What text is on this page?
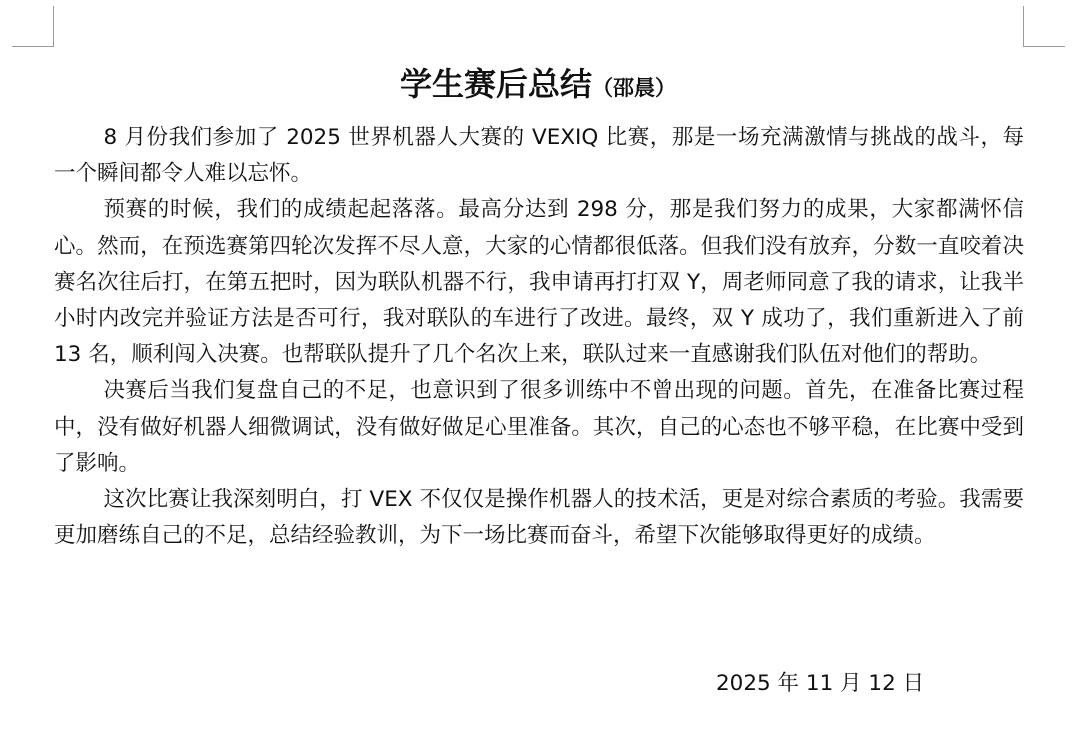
学生赛后总结（邵晨）

8 月份我们参加了 2025 世界机器人大赛的 VEXIQ 比赛，那是一场充满激情与挑战的战斗，每一个瞬间都令人难以忘怀。

预赛的时候，我们的成绩起起落落。最高分达到 298 分，那是我们努力的成果，大家都满怀信心。然而，在预选赛第四轮次发挥不尽人意，大家的心情都很低落。但我们没有放弃，分数一直咬着决赛名次往后打，在第五把时，因为联队机器不行，我申请再打打双 Y，周老师同意了我的请求，让我半小时内改完并验证方法是否可行，我对联队的车进行了改进。最终，双 Y 成功了，我们重新进入了前 13 名，顺利闯入决赛。也帮联队提升了几个名次上来，联队过来一直感谢我们队伍对他们的帮助。

决赛后当我们复盘自己的不足，也意识到了很多训练中不曾出现的问题。首先，在准备比赛过程中，没有做好机器人细微调试，没有做好做足心里准备。其次，自己的心态也不够平稳，在比赛中受到了影响。

这次比赛让我深刻明白，打 VEX 不仅仅是操作机器人的技术活，更是对综合素质的考验。我需要更加磨练自己的不足，总结经验教训，为下一场比赛而奋斗，希望下次能够取得更好的成绩。

2025 年 11 月 12 日
